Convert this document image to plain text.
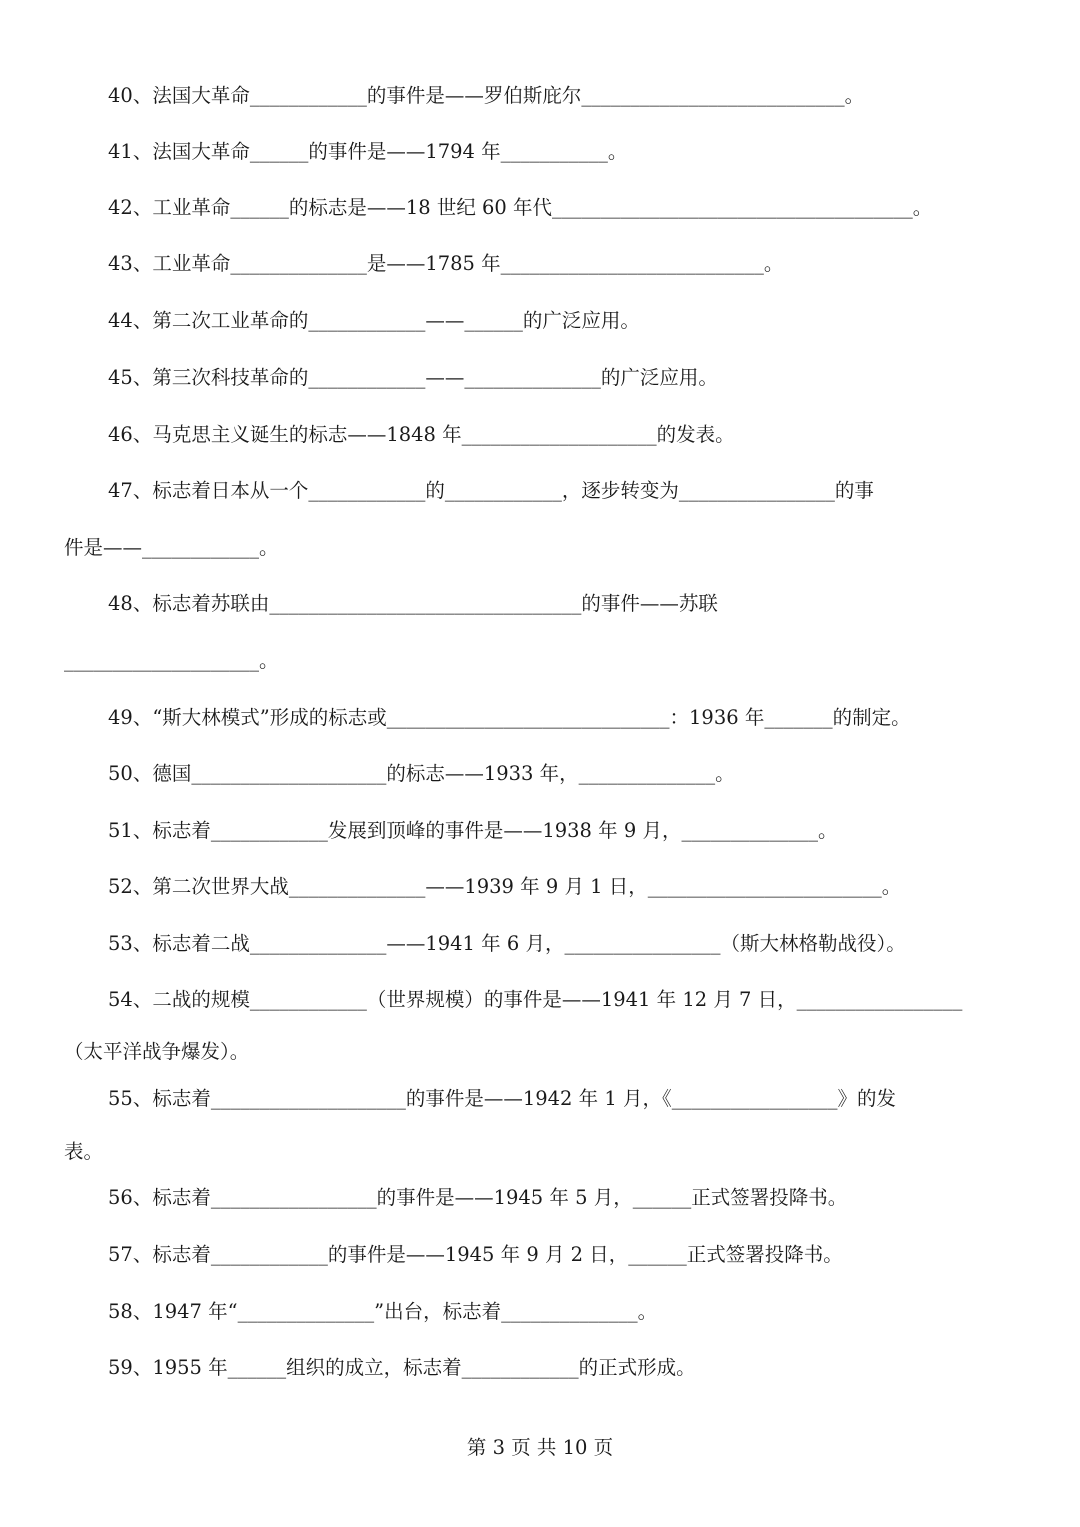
40、法国大革命____________的事件是——罗伯斯庇尔___________________________。
41、法国大革命______的事件是——1794 年___________。
42、工业革命______的标志是——18 世纪 60 年代_____________________________________。
43、工业革命______________是——1785 年___________________________。
44、第二次工业革命的____________——______的广泛应用。
45、第三次科技革命的____________——______________的广泛应用。
46、马克思主义诞生的标志——1848 年____________________的发表。
47、标志着日本从一个____________的____________，逐步转变为________________的事
件是——____________。
48、标志着苏联由________________________________的事件——苏联
____________________。
49、“斯大林模式”形成的标志或_____________________________：1936 年_______的制定。
50、德国____________________的标志——1933 年，______________。
51、标志着____________发展到顶峰的事件是——1938 年 9 月，______________。
52、第二次世界大战______________——1939 年 9 月 1 日，________________________。
53、标志着二战______________——1941 年 6 月，________________（斯大林格勒战役）。
54、二战的规模____________（世界规模）的事件是——1941 年 12 月 7 日，_________________
（太平洋战争爆发）。
55、标志着____________________的事件是——1942 年 1 月，《_________________》的发
表。
56、标志着_________________的事件是——1945 年 5 月，______正式签署投降书。
57、标志着____________的事件是——1945 年 9 月 2 日，______正式签署投降书。
58、1947 年“______________”出台，标志着______________。
59、1955 年______组织的成立，标志着____________的正式形成。
第 3 页 共 10 页
